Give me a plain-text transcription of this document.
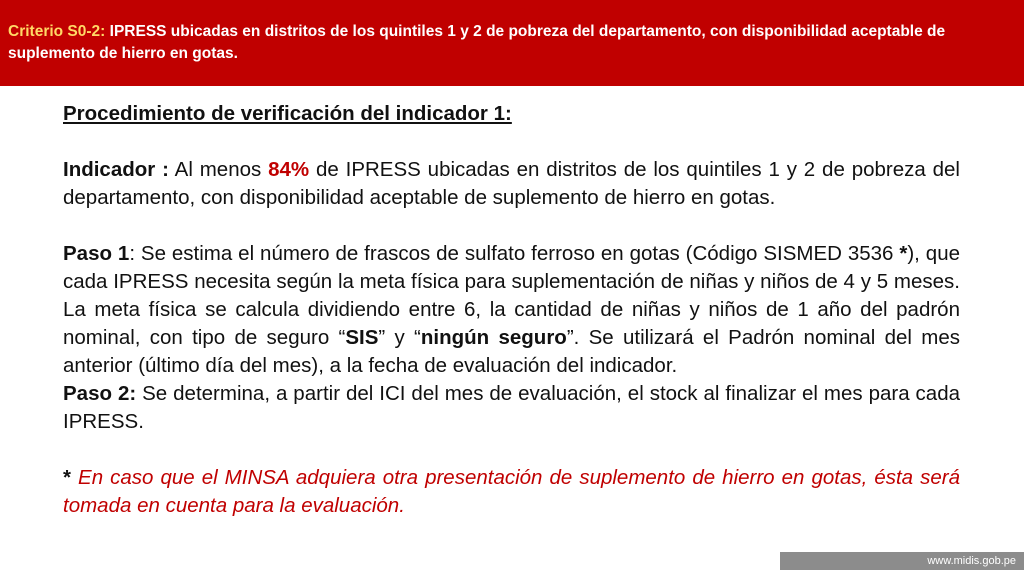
Criterio S0-2: IPRESS ubicadas en distritos de los quintiles 1 y 2 de pobreza del departamento, con disponibilidad aceptable de suplemento de hierro en gotas.

Procedimiento de verificación del indicador 1:

Indicador : Al menos 84% de IPRESS ubicadas en distritos de los quintiles 1 y 2 de pobreza del departamento, con disponibilidad aceptable de suplemento de hierro en gotas.

Paso 1: Se estima el número de frascos de sulfato ferroso en gotas (Código SISMED 3536 *), que cada IPRESS necesita según la meta física para suplementación de niñas y niños de 4 y 5 meses. La meta física se calcula dividiendo entre 6, la cantidad de niñas y niños de 1 año del padrón nominal, con tipo de seguro “SIS” y “ningún seguro”. Se utilizará el Padrón nominal del mes anterior (último día del mes), a la fecha de evaluación del indicador.

Paso 2: Se determina, a partir del ICI del mes de evaluación, el stock al finalizar el mes para cada IPRESS.

* En caso que el MINSA adquiera otra presentación de suplemento de hierro en gotas, ésta será tomada en cuenta para la evaluación.

www.midis.gob.pe
